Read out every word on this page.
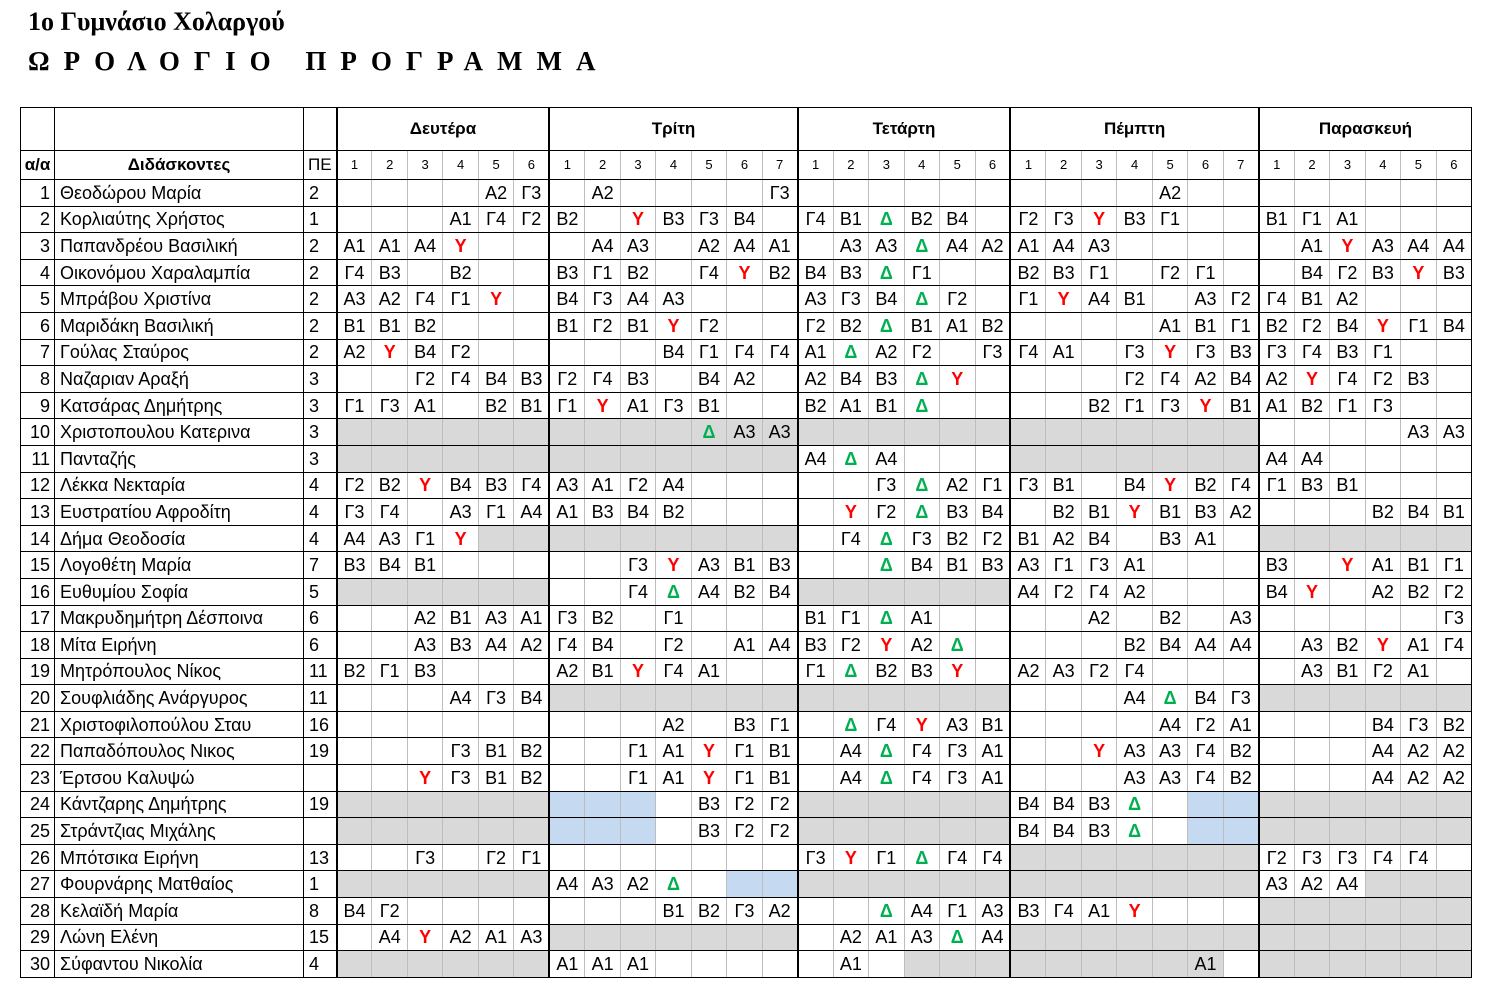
1ο Γυμνάσιο Χολαργού
ΩΡΟΛΟΓΙΟ ΠΡΟΓΡΑΜΜΑ
			Δευτέρα						Τρίτη							Τετάρτη						Πέμπτη							Παρασκευή					
α/α	Διδάσκοντες	ΠΕ	1	2	3	4	5	6	1	2	3	4	5	6	7	1	2	3	4	5	6	1	2	3	4	5	6	7	1	2	3	4	5	6
1	Θεοδώρου Μαρία	2					Α2	Γ3		Α2					Γ3											Α2								
2	Κορλιαύτης Χρήστος	1				Α1	Γ4	Γ2	Β2		Υ	Β3	Γ3	Β4		Γ4	Β1	Δ	Β2	Β4		Γ2	Γ3	Υ	Β3	Γ1			Β1	Γ1	Α1			
3	Παπανδρέου Βασιλική	2	Α1	Α1	Α4	Υ				Α4	Α3		Α2	Α4	Α1		Α3	Α3	Δ	Α4	Α2	Α1	Α4	Α3						Α1	Υ	Α3	Α4	Α4
4	Οικονόμου Χαραλαμπία	2	Γ4	Β3		Β2			Β3	Γ1	Β2		Γ4	Υ	Β2	Β4	Β3	Δ	Γ1			Β2	Β3	Γ1		Γ2	Γ1			Β4	Γ2	Β3	Υ	Β3
5	Μπράβου Χριστίνα	2	Α3	Α2	Γ4	Γ1	Υ		Β4	Γ3	Α4	Α3				Α3	Γ3	Β4	Δ	Γ2		Γ1	Υ	Α4	Β1		Α3	Γ2	Γ4	Β1	Α2			
6	Μαριδάκη Βασιλική	2	Β1	Β1	Β2				Β1	Γ2	Β1	Υ	Γ2			Γ2	Β2	Δ	Β1	Α1	Β2					Α1	Β1	Γ1	Β2	Γ2	Β4	Υ	Γ1	Β4
7	Γούλας Σταύρος	2	Α2	Υ	Β4	Γ2						Β4	Γ1	Γ4	Γ4	Α1	Δ	Α2	Γ2		Γ3	Γ4	Α1		Γ3	Υ	Γ3	Β3	Γ3	Γ4	Β3	Γ1		
8	Ναζαριαν Αραξή	3			Γ2	Γ4	Β4	Β3	Γ2	Γ4	Β3		Β4	Α2		Α2	Β4	Β3	Δ	Υ					Γ2	Γ4	Α2	Β4	Α2	Υ	Γ4	Γ2	Β3	
9	Κατσάρας Δημήτρης	3	Γ1	Γ3	Α1		Β2	Β1	Γ1	Υ	Α1	Γ3	Β1			Β2	Α1	Β1	Δ					Β2	Γ1	Γ3	Υ	Β1	Α1	Β2	Γ1	Γ3		
10	Χριστοπουλου Κατερινα	3											Δ	Α3	Α3																		Α3	Α3
11	Πανταζής	3														Α4	Δ	Α4											Α4	Α4				
12	Λέκκα Νεκταρία	4	Γ2	Β2	Υ	Β4	Β3	Γ4	Α3	Α1	Γ2	Α4						Γ3	Δ	Α2	Γ1	Γ3	Β1		Β4	Υ	Β2	Γ4	Γ1	Β3	Β1			
13	Ευστρατίου Αφροδίτη	4	Γ3	Γ4		Α3	Γ1	Α4	Α1	Β3	Β4	Β2					Υ	Γ2	Δ	Β3	Β4		Β2	Β1	Υ	Β1	Β3	Α2				Β2	Β4	Β1
14	Δήμα Θεοδοσία	4	Α4	Α3	Γ1	Υ											Γ4	Δ	Γ3	Β2	Γ2	Β1	Α2	Β4		Β3	Α1							
15	Λογοθέτη Μαρία	7	Β3	Β4	Β1						Γ3	Υ	Α3	Β1	Β3			Δ	Β4	Β1	Β3	Α3	Γ1	Γ3	Α1				Β3		Υ	Α1	Β1	Γ1
16	Ευθυμίου Σοφία	5									Γ4	Δ	Α4	Β2	Β4							Α4	Γ2	Γ4	Α2				Β4	Υ		Α2	Β2	Γ2
17	Μακρυδημήτρη Δέσποινα	6			Α2	Β1	Α3	Α1	Γ3	Β2		Γ1				Β1	Γ1	Δ	Α1					Α2		Β2		Α3						Γ3
18	Μίτα Ειρήνη	6			Α3	Β3	Α4	Α2	Γ4	Β4		Γ2		Α1	Α4	Β3	Γ2	Υ	Α2	Δ					Β2	Β4	Α4	Α4		Α3	Β2	Υ	Α1	Γ4
19	Μητρόπουλος Νίκος	11	Β2	Γ1	Β3				Α2	Β1	Υ	Γ4	Α1			Γ1	Δ	Β2	Β3	Υ		Α2	Α3	Γ2	Γ4					Α3	Β1	Γ2	Α1	
20	Σουφλιάδης Ανάργυρος	11				Α4	Γ3	Β4																	Α4	Δ	Β4	Γ3						
21	Χριστοφιλοπούλου Σταυ	16										Α2		Β3	Γ1		Δ	Γ4	Υ	Α3	Β1					Α4	Γ2	Α1				Β4	Γ3	Β2
22	Παπαδόπουλος Νικος	19				Γ3	Β1	Β2			Γ1	Α1	Υ	Γ1	Β1		Α4	Δ	Γ4	Γ3	Α1			Υ	Α3	Α3	Γ4	Β2				Α4	Α2	Α2
23	Έρτσου Καλυψώ				Υ	Γ3	Β1	Β2			Γ1	Α1	Υ	Γ1	Β1		Α4	Δ	Γ4	Γ3	Α1				Α3	Α3	Γ4	Β2				Α4	Α2	Α2
24	Κάντζαρης Δημήτρης	19											Β3	Γ2	Γ2							Β4	Β4	Β3	Δ									
25	Στράντζιας Μιχάλης												Β3	Γ2	Γ2							Β4	Β4	Β3	Δ									
26	Μπότσικα Ειρήνη	13			Γ3		Γ2	Γ1								Γ3	Υ	Γ1	Δ	Γ4	Γ4								Γ2	Γ3	Γ3	Γ4	Γ4	
27	Φουρνάρης Ματθαίος	1							Α4	Α3	Α2	Δ																	Α3	Α2	Α4			
28	Κελαϊδή Μαρία	8	Β4	Γ2								Β1	Β2	Γ3	Α2			Δ	Α4	Γ1	Α3	Β3	Γ4	Α1	Υ									
29	Λώνη Ελένη	15		Α4	Υ	Α2	Α1	Α3									Α2	Α1	Α3	Δ	Α4													
30	Σύφαντου Νικολία	4							Α1	Α1	Α1						Α1										Α1							
